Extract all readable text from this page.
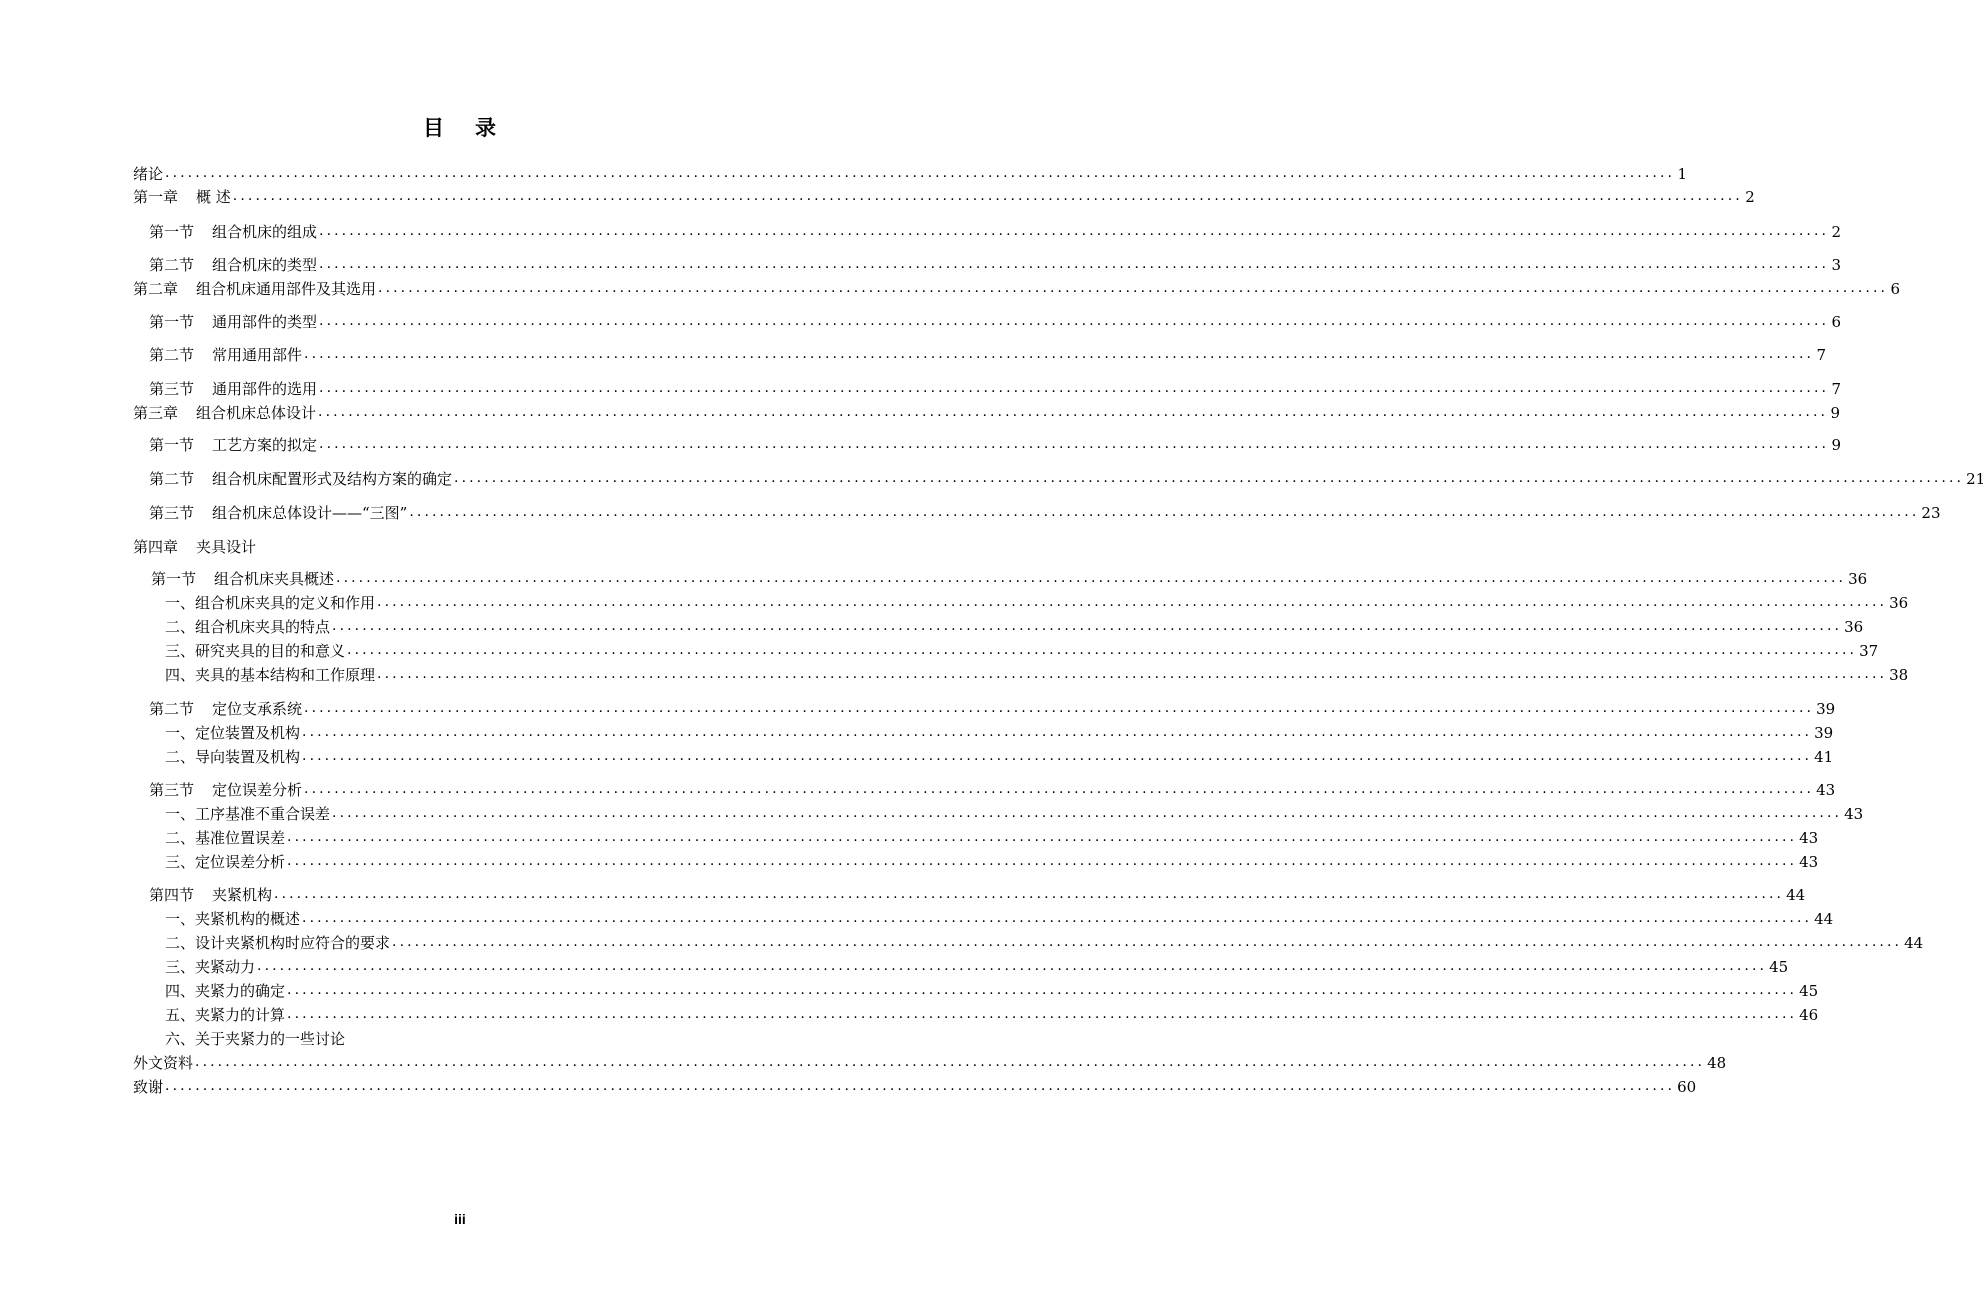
目 录
绪论 ........................................................................................................................................................................................................ 1
第一章 概 述 ........................................................................................................................................................................................................ 2
第一节 组合机床的组成 ........................................................................................................................................................................................................ 2
第二节 组合机床的类型 ........................................................................................................................................................................................................ 3
第二章 组合机床通用部件及其选用 ........................................................................................................................................................................................................ 6
第一节 通用部件的类型 ........................................................................................................................................................................................................ 6
第二节 常用通用部件 ........................................................................................................................................................................................................ 7
第三节 通用部件的选用 ........................................................................................................................................................................................................ 7
第三章 组合机床总体设计 ........................................................................................................................................................................................................ 9
第一节 工艺方案的拟定 ........................................................................................................................................................................................................ 9
第二节 组合机床配置形式及结构方案的确定 ........................................................................................................................................................................................................ 21
第三节 组合机床总体设计——“三图” ........................................................................................................................................................................................................ 23
第四章 夹具设计
第一节 组合机床夹具概述 ........................................................................................................................................................................................................ 36
一、组合机床夹具的定义和作用 ........................................................................................................................................................................................................ 36
二、组合机床夹具的特点 ........................................................................................................................................................................................................ 36
三、研究夹具的目的和意义 ........................................................................................................................................................................................................ 37
四、夹具的基本结构和工作原理 ........................................................................................................................................................................................................ 38
第二节 定位支承系统 ........................................................................................................................................................................................................ 39
一、定位装置及机构 ........................................................................................................................................................................................................ 39
二、导向装置及机构 ........................................................................................................................................................................................................ 41
第三节 定位误差分析 ........................................................................................................................................................................................................ 43
一、工序基准不重合误差 ........................................................................................................................................................................................................ 43
二、基准位置误差 ........................................................................................................................................................................................................ 43
三、定位误差分析 ........................................................................................................................................................................................................ 43
第四节 夹紧机构 ........................................................................................................................................................................................................ 44
一、夹紧机构的概述 ........................................................................................................................................................................................................ 44
二、设计夹紧机构时应符合的要求 ........................................................................................................................................................................................................ 44
三、夹紧动力 ........................................................................................................................................................................................................ 45
四、夹紧力的确定 ........................................................................................................................................................................................................ 45
五、夹紧力的计算 ........................................................................................................................................................................................................ 46
六、关于夹紧力的一些讨论
外文资料 ........................................................................................................................................................................................................ 48
致谢 ........................................................................................................................................................................................................ 60
iii
